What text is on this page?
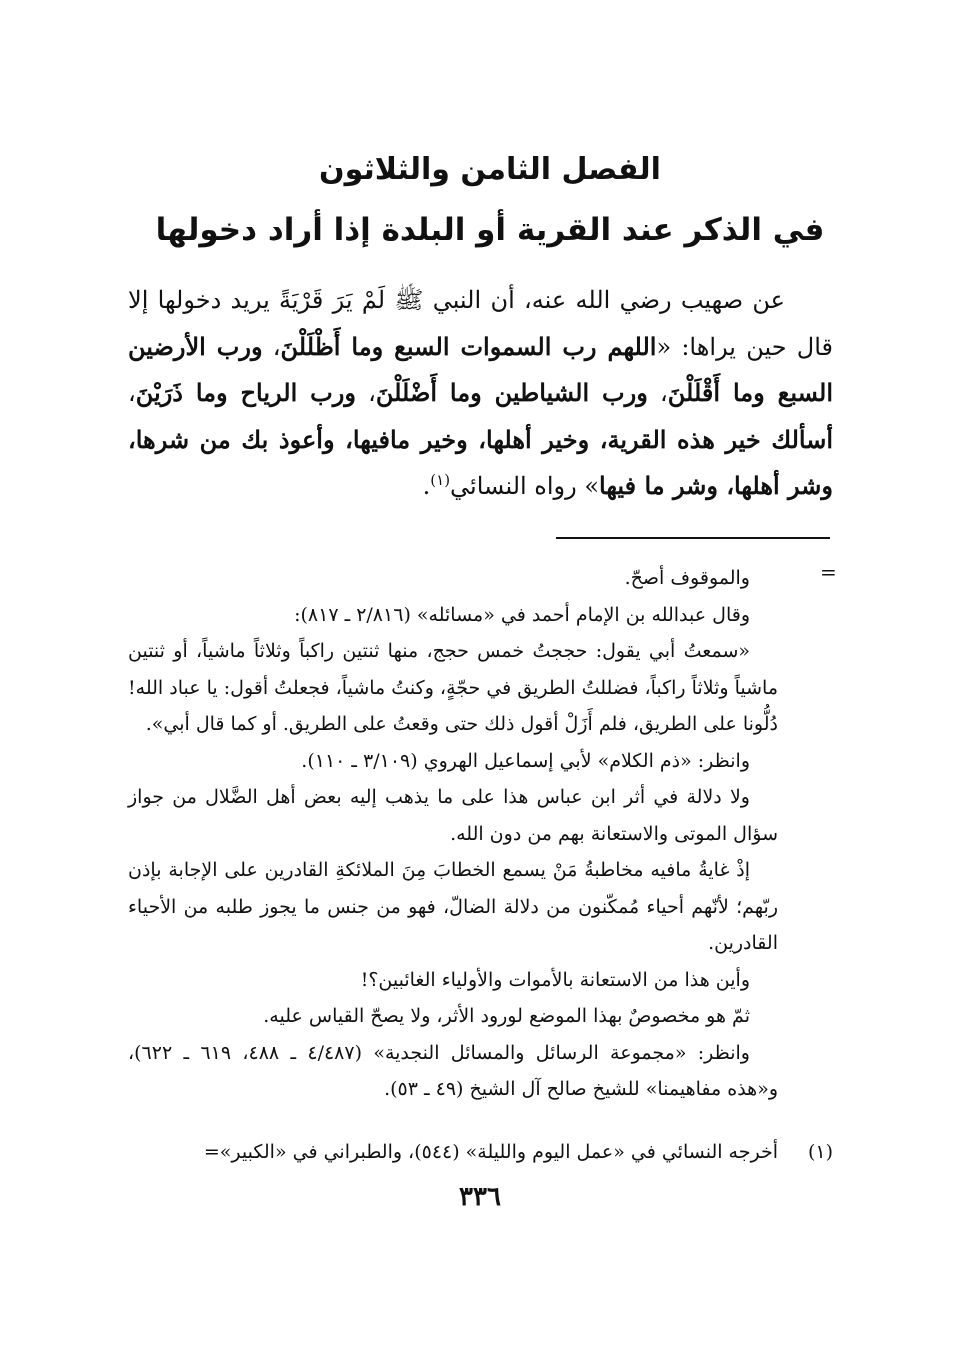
الفصل الثامن والثلاثون
في الذكر عند القرية أو البلدة إذا أراد دخولها
عن صهيب رضي الله عنه، أن النبي ﷺ لَمْ يَرَ قَرْيَةً يريد دخولها إلا قال حين يراها: «اللهم رب السموات السبع وما أَظْلَلْنَ، ورب الأرضين السبع وما أَقْلَلْنَ، ورب الشياطين وما أَضْلَلْنَ، ورب الرياح وما ذَرَيْنَ، أسألك خير هذه القرية، وخير أهلها، وخير مافيها، وأعوذ بك من شرها، وشر أهلها، وشر ما فيها» رواه النسائي$^{(١)}$.
=

والموقوف أصحّ.

وقال عبدالله بن الإمام أحمد في «مسائله» (٢/٨١٦ ـ ٨١٧):

«سمعتُ أبي يقول: حججتُ خمس حجج، منها ثنتين راكباً وثلاثاً ماشياً، أو ثنتين ماشياً وثلاثاً راكباً، فضللتُ الطريق في حجّةٍ، وكنتُ ماشياً، فجعلتُ أقول: يا عباد الله! دُلُّونا على الطريق، فلم أَزَلْ أقول ذلك حتى وقعتُ على الطريق. أو كما قال أبي».

وانظر: «ذم الكلام» لأبي إسماعيل الهروي (٣/١٠٩ ـ ١١٠).

ولا دلالة في أثر ابن عباس هذا على ما يذهب إليه بعض أهل الضَّلال من جواز سؤال الموتى والاستعانة بهم من دون الله.

إذْ غايةُ مافيه مخاطبةُ مَنْ يسمع الخطابَ مِنَ الملائكةِ القادرين على الإجابة بإذن ربّهم؛ لأنّهم أحياء مُمكّنون من دلالة الضالّ، فهو من جنس ما يجوز طلبه من الأحياء القادرين.

وأين هذا من الاستعانة بالأموات والأولياء الغائبين؟!

ثمّ هو مخصوصٌ بهذا الموضع لورود الأثر، ولا يصحّ القياس عليه.

وانظر: «مجموعة الرسائل والمسائل النجدية» (٤/٤٨٧ ـ ٤٨٨، ٦١٩ ـ ٦٢٢)، و«هذه مفاهيمنا» للشيخ صالح آل الشيخ (٤٩ ـ ٥٣).

(١)
أخرجه النسائي في «عمل اليوم والليلة» (٥٤٤)، والطبراني في «الكبير»=
٣٣٦
